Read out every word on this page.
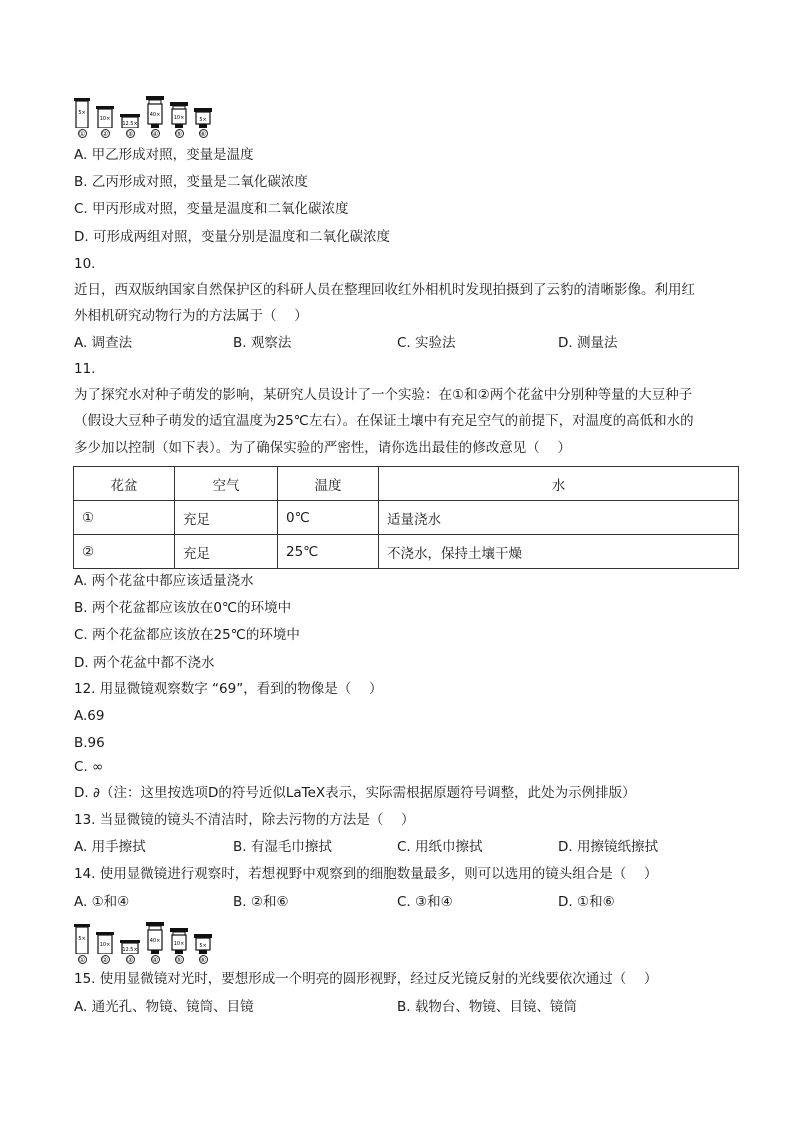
5×
①
10×
②
12.5×
③
40×
④
10×
⑤
5×
⑥
A. 甲乙形成对照，变量是温度
B. 乙丙形成对照，变量是二氧化碳浓度
C. 甲丙形成对照，变量是温度和二氧化碳浓度
D. 可形成两组对照，变量分别是温度和二氧化碳浓度
10.
近日，西双版纳国家自然保护区的科研人员在整理回收红外相机时发现拍摄到了云豹的清晰影像。利用红
外相机研究动物行为的方法属于（　 ）
A. 调查法	B. 观察法	C. 实验法	D. 测量法
11.
为了探究水对种子萌发的影响，某研究人员设计了一个实验：在①和②两个花盆中分别种等量的大豆种子
（假设大豆种子萌发的适宜温度为25℃左右）。在保证土壤中有充足空气的前提下，对温度的高低和水的
多少加以控制（如下表）。为了确保实验的严密性，请你选出最佳的修改意见（　 ）
花盆	空气	温度	水
①	充足	0℃	适量浇水
②	充足	25℃	不浇水，保持土壤干燥
A. 两个花盆中都应该适量浇水
B. 两个花盆都应该放在0℃的环境中
C. 两个花盆都应该放在25℃的环境中
D. 两个花盆中都不浇水
12. 用显微镜观察数字 “69”，看到的物像是（　 ）
A.69
B.96
C. ∞
D. ∂（注：这里按选项D的符号近似LaTeX表示，实际需根据原题符号调整，此处为示例排版）
13. 当显微镜的镜头不清洁时，除去污物的方法是（　 ）
A. 用手擦拭	B. 有湿毛巾擦拭	C. 用纸巾擦拭	D. 用擦镜纸擦拭
14. 使用显微镜进行观察时，若想视野中观察到的细胞数量最多，则可以选用的镜头组合是（　 ）
A. ①和④	B. ②和⑥	C. ③和④	D. ①和⑥
5×
①
10×
②
12.5×
③
40×
④
10×
⑤
5×
⑥
15. 使用显微镜对光时，要想形成一个明亮的圆形视野，经过反光镜反射的光线要依次通过（　 ）
A. 通光孔、物镜、镜筒、目镜	B. 载物台、物镜、目镜、镜筒
